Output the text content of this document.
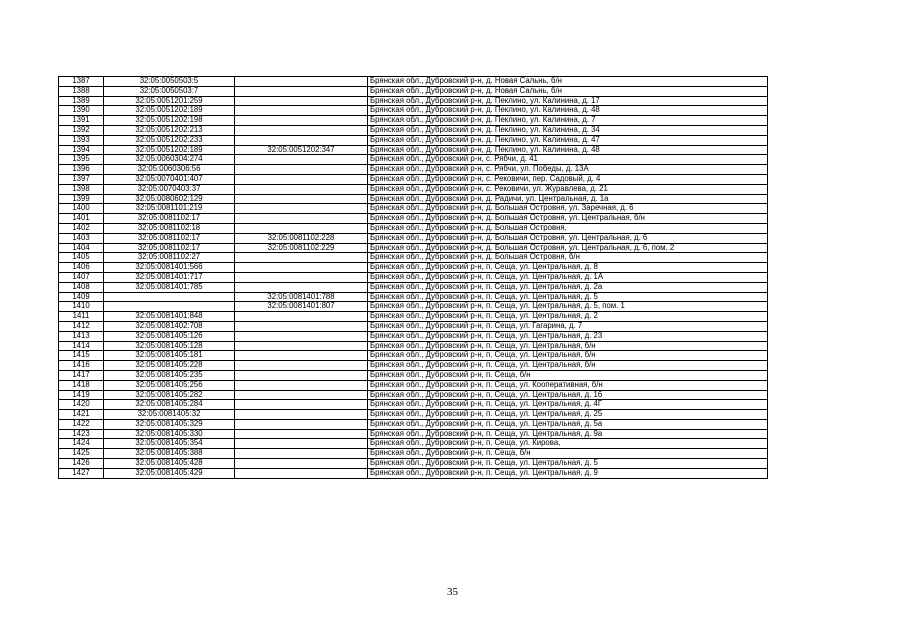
1387	32:05:0050503:5		Брянская обл., Дубровский р-н, д. Новая Сальнь, б/н
1388	32:05:0050503:7		Брянская обл., Дубровский р-н, д. Новая Сальнь, б/н
1389	32:05:0051201:259		Брянская обл., Дубровский р-н, д. Пеклино, ул. Калинина, д. 17
1390	32:05:0051202:189		Брянская обл., Дубровский р-н, д. Пеклино, ул. Калинина, д. 48
1391	32:05:0051202:198		Брянская обл., Дубровский р-н, д. Пеклино, ул. Калинина, д. 7
1392	32:05:0051202:213		Брянская обл., Дубровский р-н, д. Пеклино, ул. Калинина, д. 34
1393	32:05:0051202:233		Брянская обл., Дубровский р-н, д. Пеклино, ул. Калинина, д. 47
1394	32:05:0051202:189	32:05:0051202:347	Брянская обл., Дубровский р-н, д. Пеклино, ул. Калинина, д. 48
1395	32:05:0060304:274		Брянская обл., Дубровский р-н, с. Рябчи, д. 41
1396	32:05:0060306:56		Брянская обл., Дубровский р-н, с. Рябчи, ул. Победы, д. 13А
1397	32:05:0070401:407		Брянская обл., Дубровский р-н, с. Рековичи, пер. Садовый, д. 4
1398	32:05:0070403:37		Брянская обл., Дубровский р-н, с. Рековичи, ул. Журавлева, д. 21
1399	32:05:0080602:129		Брянская обл., Дубровский р-н, д. Радичи, ул. Центральная, д. 1а
1400	32:05:0081101:219		Брянская обл., Дубровский р-н, д. Большая Островня, ул. Заречная, д. 6
1401	32:05:0081102:17		Брянская обл., Дубровский р-н, д. Большая Островня, ул. Центральная, б/н
1402	32:05:0081102:18		Брянская обл., Дубровский р-н, д. Большая Островня,
1403	32:05:0081102:17	32:05:0081102:228	Брянская обл., Дубровский р-н, д. Большая Островня, ул. Центральная, д. 6
1404	32:05:0081102:17	32:05:0081102:229	Брянская обл., Дубровский р-н, д. Большая Островня, ул. Центральная, д. 6, пом. 2
1405	32:05:0081102:27		Брянская обл., Дубровский р-н, д. Большая Островня, б/н
1406	32:05:0081401:566		Брянская обл., Дубровский р-н, п. Сеща, ул. Центральная, д. 8
1407	32:05:0081401:717		Брянская обл., Дубровский р-н, п. Сеща, ул. Центральная, д. 1А
1408	32:05:0081401:785		Брянская обл., Дубровский р-н, п. Сеща, ул. Центральная, д. 2а
1409		32:05:0081401:788	Брянская обл., Дубровский р-н, п. Сеща, ул. Центральная, д. 5
1410		32:05:0081401:807	Брянская обл., Дубровский р-н, п. Сеща, ул. Центральная, д. 5, пом. 1
1411	32:05:0081401:848		Брянская обл., Дубровский р-н, п. Сеща, ул. Центральная, д. 2
1412	32:05:0081402:708		Брянская обл., Дубровский р-н, п. Сеща, ул. Гагарина, д. 7
1413	32:05:0081405:126		Брянская обл., Дубровский р-н, п. Сеща, ул. Центральная, д. 23
1414	32:05:0081405:128		Брянская обл., Дубровский р-н, п. Сеща, ул. Центральная, б/н
1415	32:05:0081405:181		Брянская обл., Дубровский р-н, п. Сеща, ул. Центральная, б/н
1416	32:05:0081405:228		Брянская обл., Дубровский р-н, п. Сеща, ул. Центральная, б/н
1417	32:05:0081405:235		Брянская обл., Дубровский р-н, п. Сеща, б/н
1418	32:05:0081405:256		Брянская обл., Дубровский р-н, п. Сеща, ул. Кооперативная, б/н
1419	32:05:0081405:282		Брянская обл., Дубровский р-н, п. Сеща, ул. Центральная, д. 16
1420	32:05:0081405:284		Брянская обл., Дубровский р-н, п. Сеща, ул. Центральная, д. 4Г
1421	32:05:0081405:32		Брянская обл., Дубровский р-н, п. Сеща, ул. Центральная, д. 25
1422	32:05:0081405:329		Брянская обл., Дубровский р-н, п. Сеща, ул. Центральная, д. 5а
1423	32:05:0081405:330		Брянская обл., Дубровский р-н, п. Сеща, ул. Центральная, д. 9а
1424	32:05:0081405:354		Брянская обл., Дубровский р-н, п. Сеща, ул. Кирова,
1425	32:05:0081405:388		Брянская обл., Дубровский р-н, п. Сеща, б/н
1426	32:05:0081405:428		Брянская обл., Дубровский р-н, п. Сеща, ул. Центральная, д. 5
1427	32:05:0081405:429		Брянская обл., Дубровский р-н, п. Сеща, ул. Центральная, д. 9
35
